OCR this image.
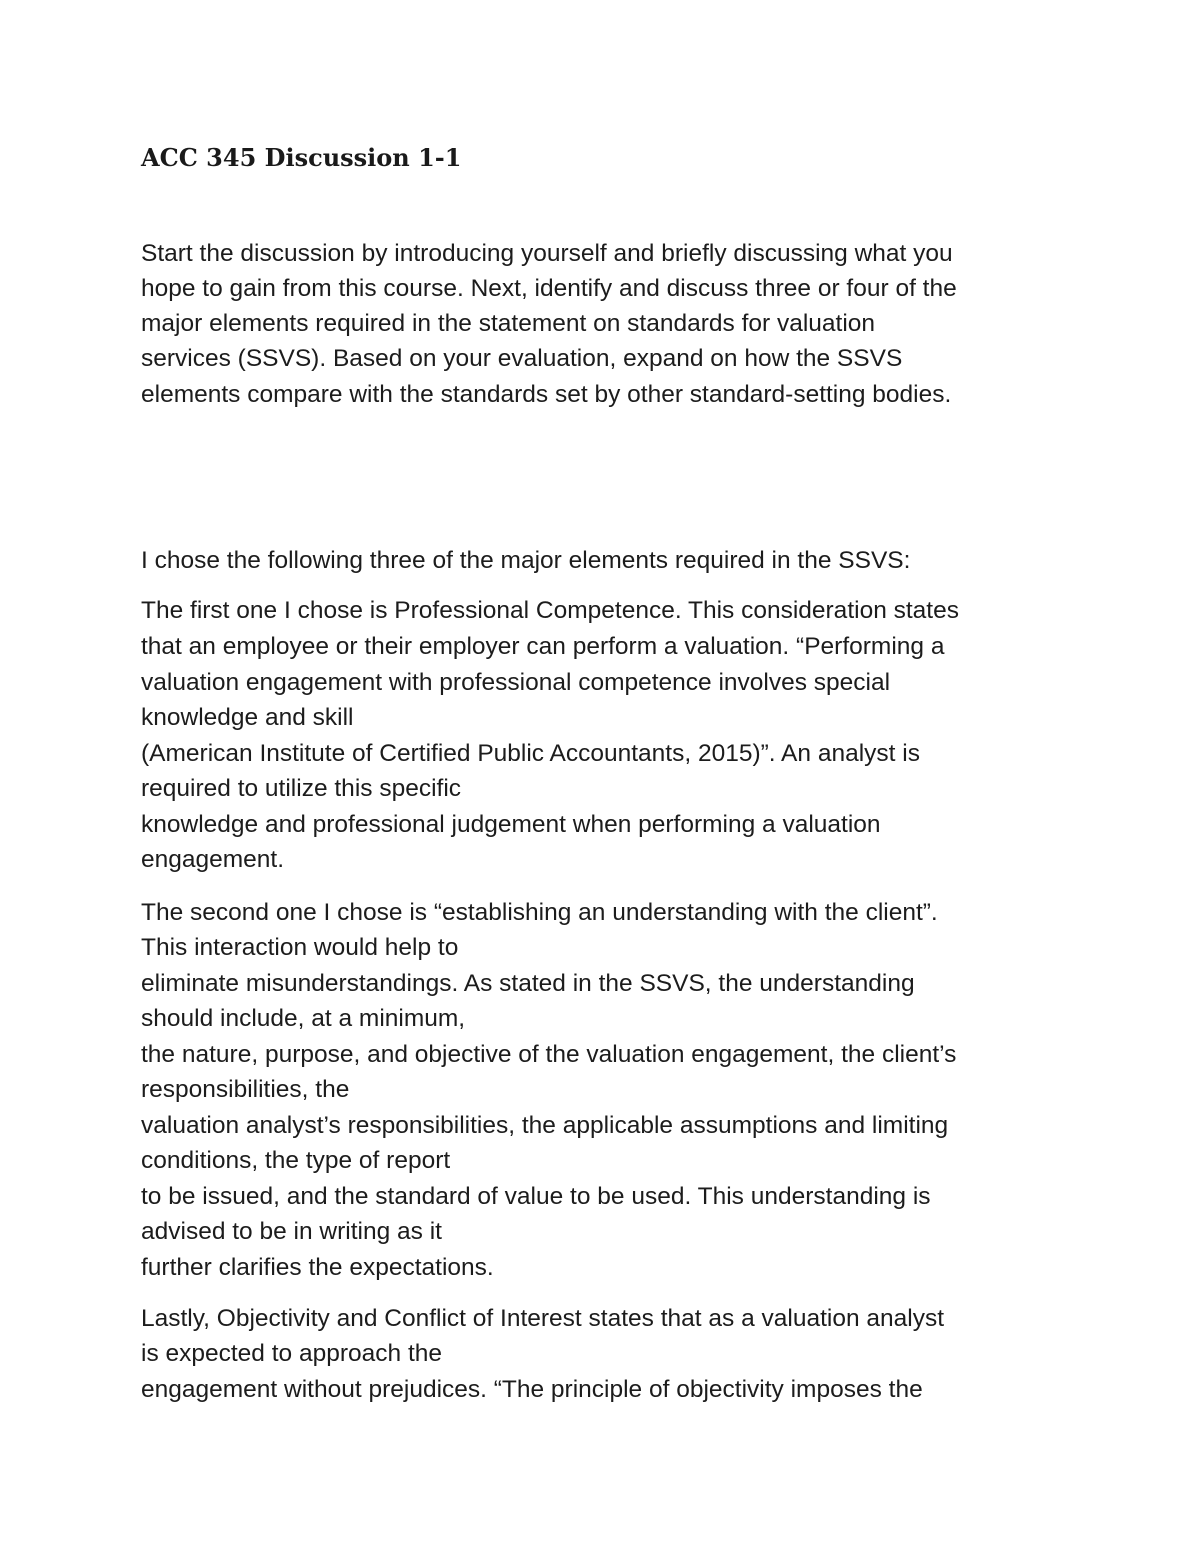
ACC 345 Discussion 1-1
Start the discussion by introducing yourself and briefly discussing what you
hope to gain from this course. Next, identify and discuss three or four of the
major elements required in the statement on standards for valuation
services (SSVS). Based on your evaluation, expand on how the SSVS
elements compare with the standards set by other standard-setting bodies.
I chose the following three of the major elements required in the SSVS:
The first one I chose is Professional Competence. This consideration states
that an employee or their employer can perform a valuation. “Performing a
valuation engagement with professional competence involves special
knowledge and skill
(American Institute of Certified Public Accountants, 2015)”. An analyst is
required to utilize this specific
knowledge and professional judgement when performing a valuation
engagement.
The second one I chose is “establishing an understanding with the client”.
This interaction would help to
eliminate misunderstandings. As stated in the SSVS, the understanding
should include, at a minimum,
the nature, purpose, and objective of the valuation engagement, the client’s
responsibilities, the
valuation analyst’s responsibilities, the applicable assumptions and limiting
conditions, the type of report
to be issued, and the standard of value to be used. This understanding is
advised to be in writing as it
further clarifies the expectations.
Lastly, Objectivity and Conflict of Interest states that as a valuation analyst
is expected to approach the
engagement without prejudices. “The principle of objectivity imposes the
